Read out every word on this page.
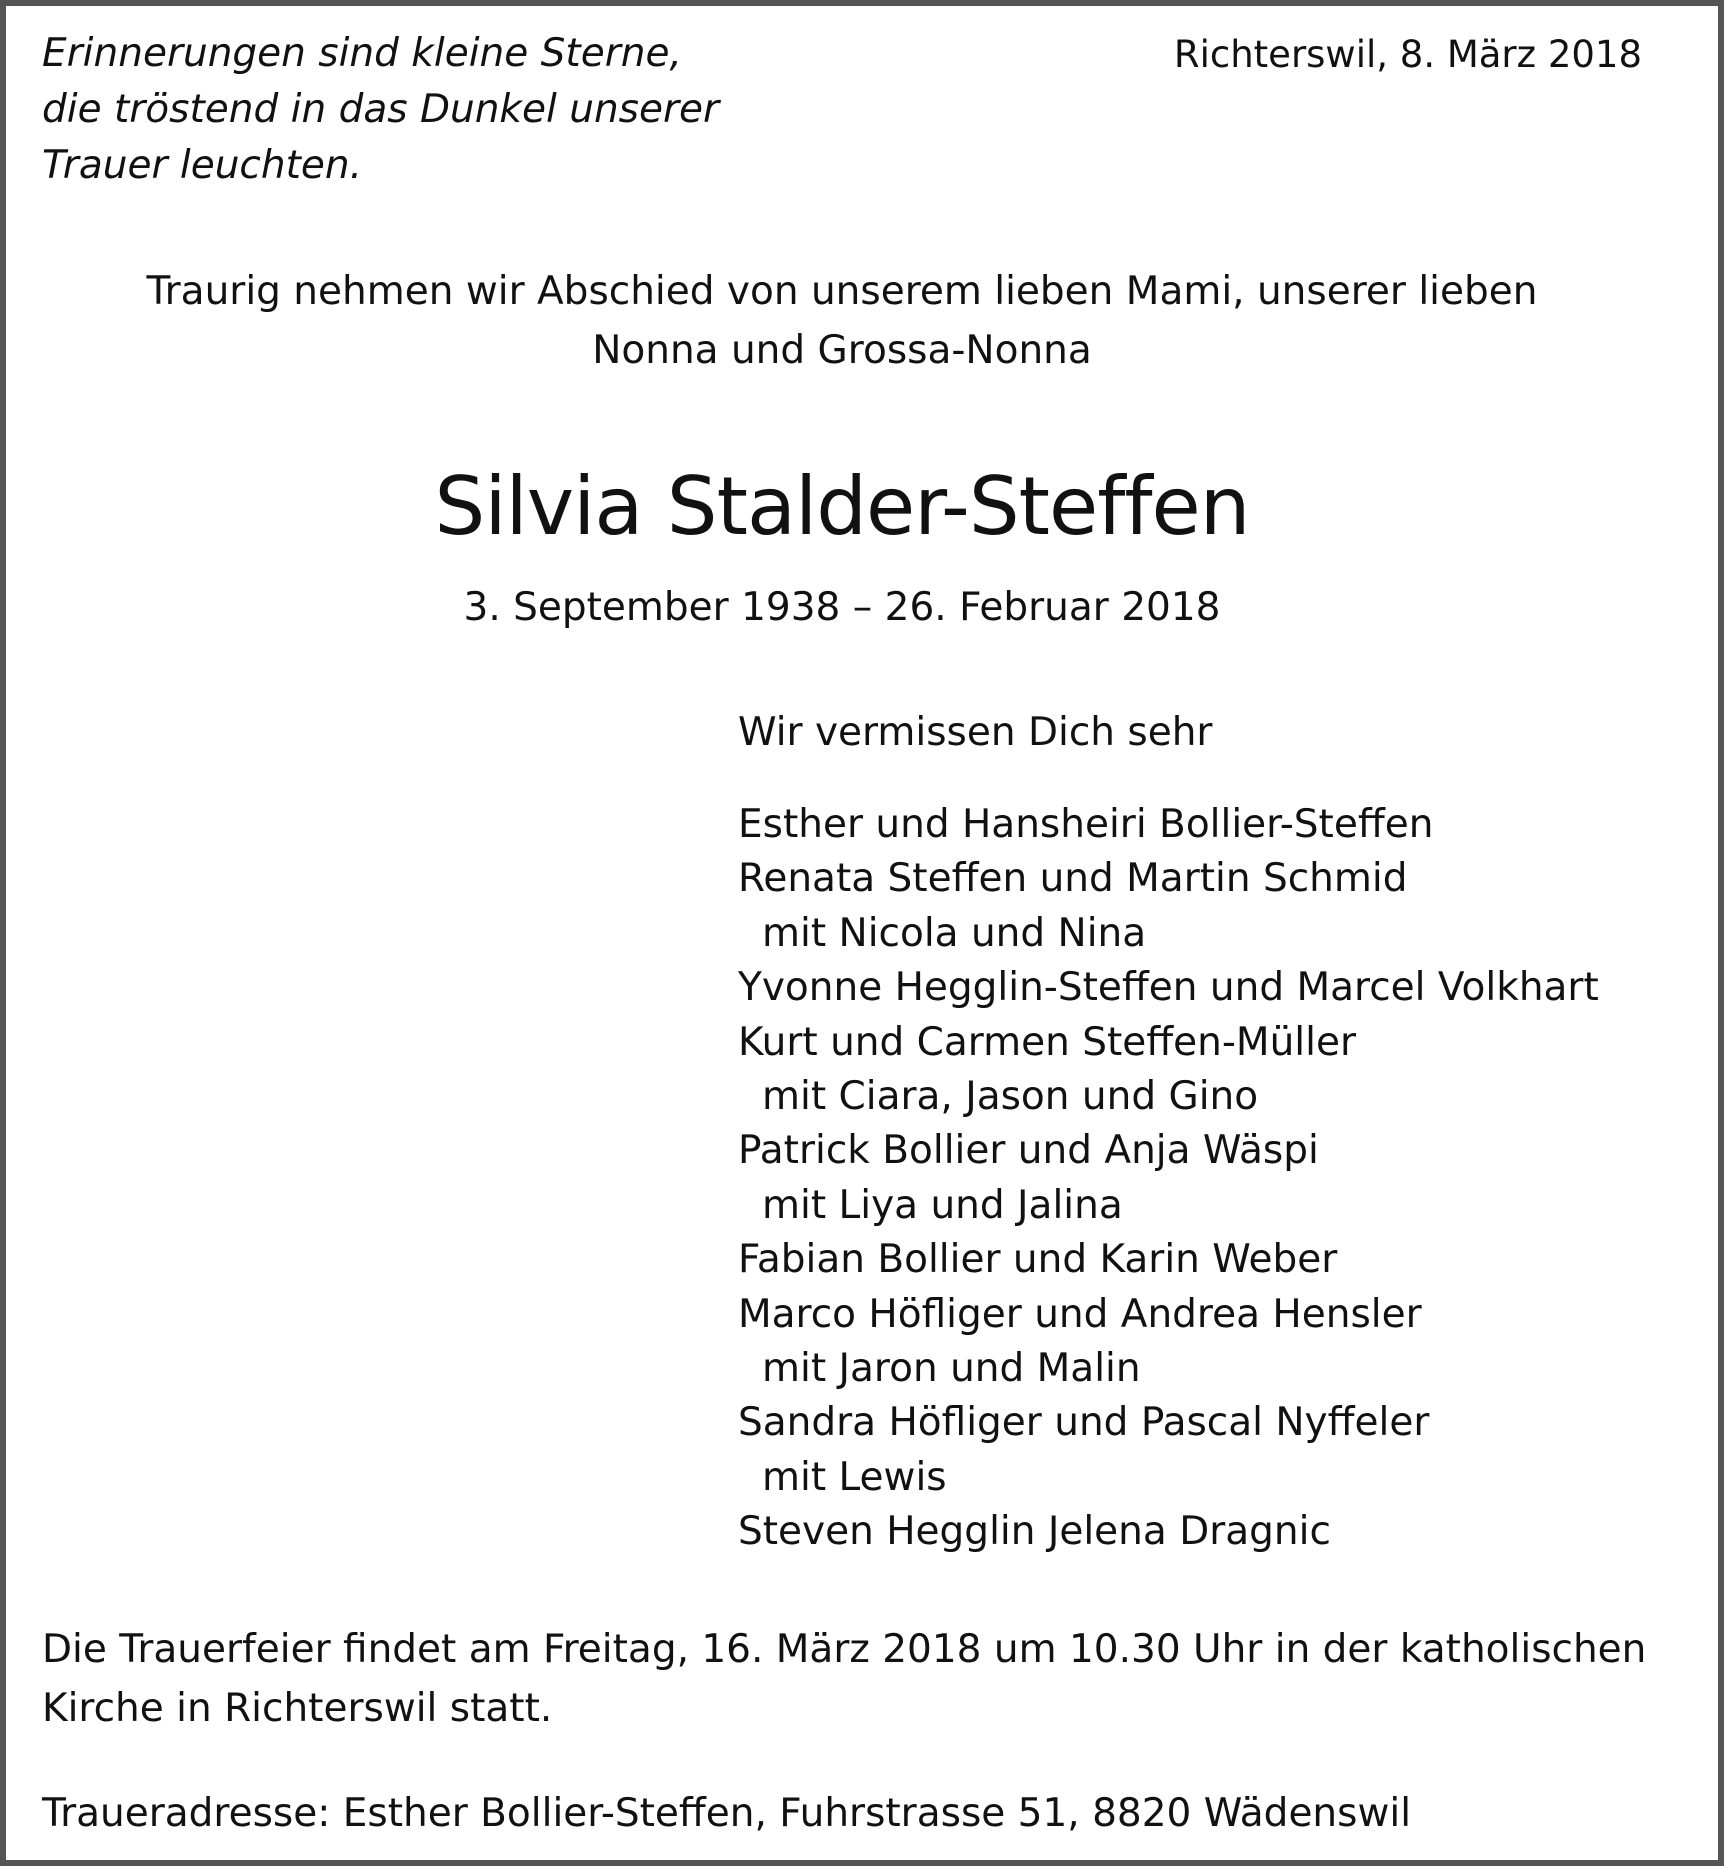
Erinnerungen sind kleine Sterne,
die tröstend in das Dunkel unserer
Trauer leuchten.
Richterswil, 8. März 2018
Traurig nehmen wir Abschied von unserem lieben Mami, unserer lieben
Nonna und Grossa-Nonna
Silvia Stalder-Steffen
3. September 1938 – 26. Februar 2018
Wir vermissen Dich sehr
Esther und Hansheiri Bollier-Steffen
Renata Steffen und Martin Schmid
mit Nicola und Nina
Yvonne Hegglin-Steffen und Marcel Volkhart
Kurt und Carmen Steffen-Müller
mit Ciara, Jason und Gino
Patrick Bollier und Anja Wäspi
mit Liya und Jalina
Fabian Bollier und Karin Weber
Marco Höfliger und Andrea Hensler
mit Jaron und Malin
Sandra Höfliger und Pascal Nyffeler
mit Lewis
Steven Hegglin Jelena Dragnic
Die Trauerfeier findet am Freitag, 16. März 2018 um 10.30 Uhr in der katholischen
Kirche in Richterswil statt.
Traueradresse: Esther Bollier-Steffen, Fuhrstrasse 51, 8820 Wädenswil
